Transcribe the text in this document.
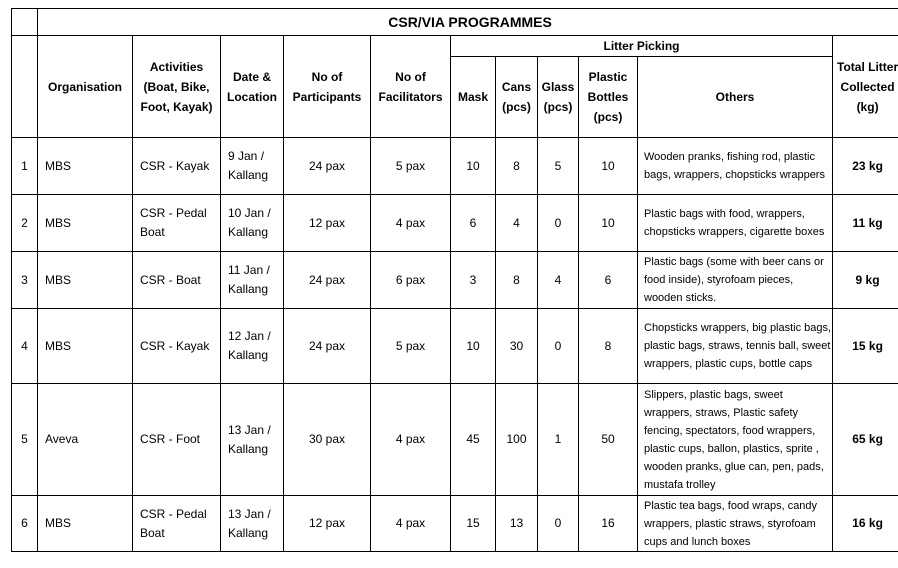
	CSR/VIA PROGRAMMES										
	Organisation	Activities (Boat, Bike, Foot, Kayak)	Date & Location	No of Participants	No of Facilitators	Litter Picking					Total Litter Collected (kg)
						Mask	Cans (pcs)	Glass (pcs)	Plastic Bottles (pcs)	Others	
1	MBS	CSR - Kayak	9 Jan / Kallang	24 pax	5 pax	10	8	5	10	Wooden pranks, fishing rod, plastic bags, wrappers, chopsticks wrappers	23 kg
2	MBS	CSR - Pedal Boat	10 Jan / Kallang	12 pax	4 pax	6	4	0	10	Plastic bags with food, wrappers, chopsticks wrappers, cigarette boxes	11 kg
3	MBS	CSR - Boat	11 Jan / Kallang	24 pax	6 pax	3	8	4	6	Plastic bags (some with beer cans or food inside), styrofoam pieces, wooden sticks.	9 kg
4	MBS	CSR - Kayak	12 Jan / Kallang	24 pax	5 pax	10	30	0	8	Chopsticks wrappers, big plastic bags, plastic bags, straws, tennis ball, sweet wrappers, plastic cups, bottle caps	15 kg
5	Aveva	CSR - Foot	13 Jan / Kallang	30 pax	4 pax	45	100	1	50	Slippers, plastic bags, sweet wrappers, straws, Plastic safety fencing, spectators, food wrappers, plastic cups, ballon, plastics, sprite , wooden pranks, glue can, pen, pads, mustafa trolley	65 kg
6	MBS	CSR - Pedal Boat	13 Jan / Kallang	12 pax	4 pax	15	13	0	16	Plastic tea bags, food wraps, candy wrappers, plastic straws, styrofoam cups and lunch boxes	16 kg
